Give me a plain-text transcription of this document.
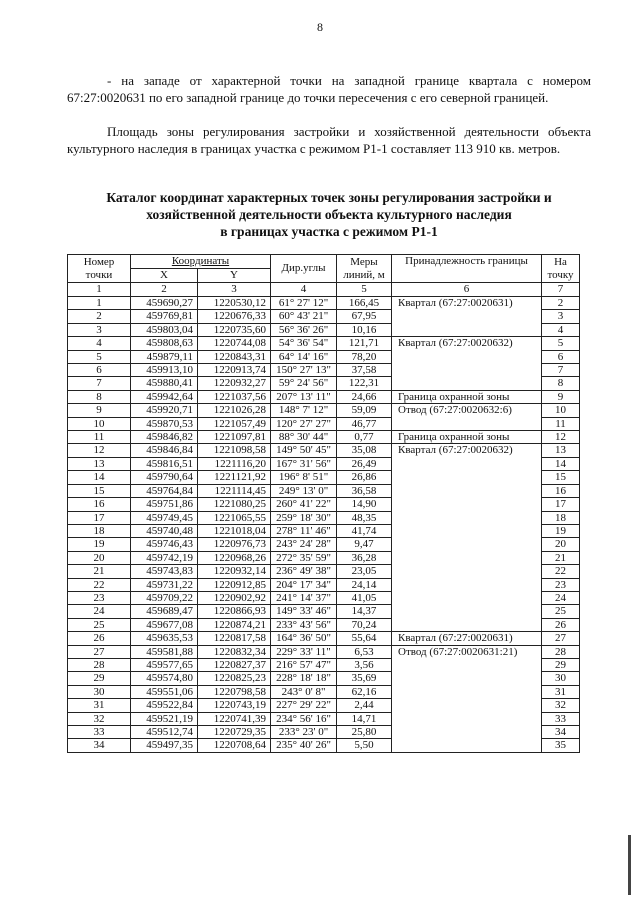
8

- на западе от характерной точки на западной границе квартала с номером 67:27:0020631 по его западной границе до точки пересечения с его северной границей.

Площадь зоны регулирования застройки и хозяйственной деятельности объекта культурного наследия в границах участка с режимом Р1-1 составляет 113 910 кв. метров.

Каталог координат характерных точек зоны регулирования застройки и
хозяйственной деятельности объекта культурного наследия
в границах участка с режимом Р1-1
Номер
точки	Координаты		Дир.углы	Меры
линий, м	Принадлежность границы	На
точку
	X	Y				
1	2	3	4	5	6	7
1	459690,27	1220530,12	61° 27' 12"	166,45	Квартал (67:27:0020631)	2
2	459769,81	1220676,33	60° 43' 21"	67,95		3
3	459803,04	1220735,60	56° 36' 26"	10,16		4
4	459808,63	1220744,08	54° 36' 54"	121,71	Квартал (67:27:0020632)	5
5	459879,11	1220843,31	64° 14' 16"	78,20		6
6	459913,10	1220913,74	150° 27' 13"	37,58		7
7	459880,41	1220932,27	59° 24' 56"	122,31		8
8	459942,64	1221037,56	207° 13' 11"	24,66	Граница охранной зоны	9
9	459920,71	1221026,28	148° 7' 12"	59,09	Отвод (67:27:0020632:6)	10
10	459870,53	1221057,49	120° 27' 27"	46,77		11
11	459846,82	1221097,81	88° 30' 44"	0,77	Граница охранной зоны	12
12	459846,84	1221098,58	149° 50' 45"	35,08	Квартал (67:27:0020632)	13
13	459816,51	1221116,20	167° 31' 56"	26,49		14
14	459790,64	1221121,92	196° 8' 51"	26,86		15
15	459764,84	1221114,45	249° 13' 0"	36,58		16
16	459751,86	1221080,25	260° 41' 22"	14,90		17
17	459749,45	1221065,55	259° 18' 30"	48,35		18
18	459740,48	1221018,04	278° 11' 46"	41,74		19
19	459746,43	1220976,73	243° 24' 28"	9,47		20
20	459742,19	1220968,26	272° 35' 59"	36,28		21
21	459743,83	1220932,14	236° 49' 38"	23,05		22
22	459731,22	1220912,85	204° 17' 34"	24,14		23
23	459709,22	1220902,92	241° 14' 37"	41,05		24
24	459689,47	1220866,93	149° 33' 46"	14,37		25
25	459677,08	1220874,21	233° 43' 56"	70,24		26
26	459635,53	1220817,58	164° 36' 50"	55,64	Квартал (67:27:0020631)	27
27	459581,88	1220832,34	229° 33' 11"	6,53	Отвод (67:27:0020631:21)	28
28	459577,65	1220827,37	216° 57' 47"	3,56		29
29	459574,80	1220825,23	228° 18' 18"	35,69		30
30	459551,06	1220798,58	243° 0' 8"	62,16		31
31	459522,84	1220743,19	227° 29' 22"	2,44		32
32	459521,19	1220741,39	234° 56' 16"	14,71		33
33	459512,74	1220729,35	233° 23' 0"	25,80		34
34	459497,35	1220708,64	235° 40' 26"	5,50		35
